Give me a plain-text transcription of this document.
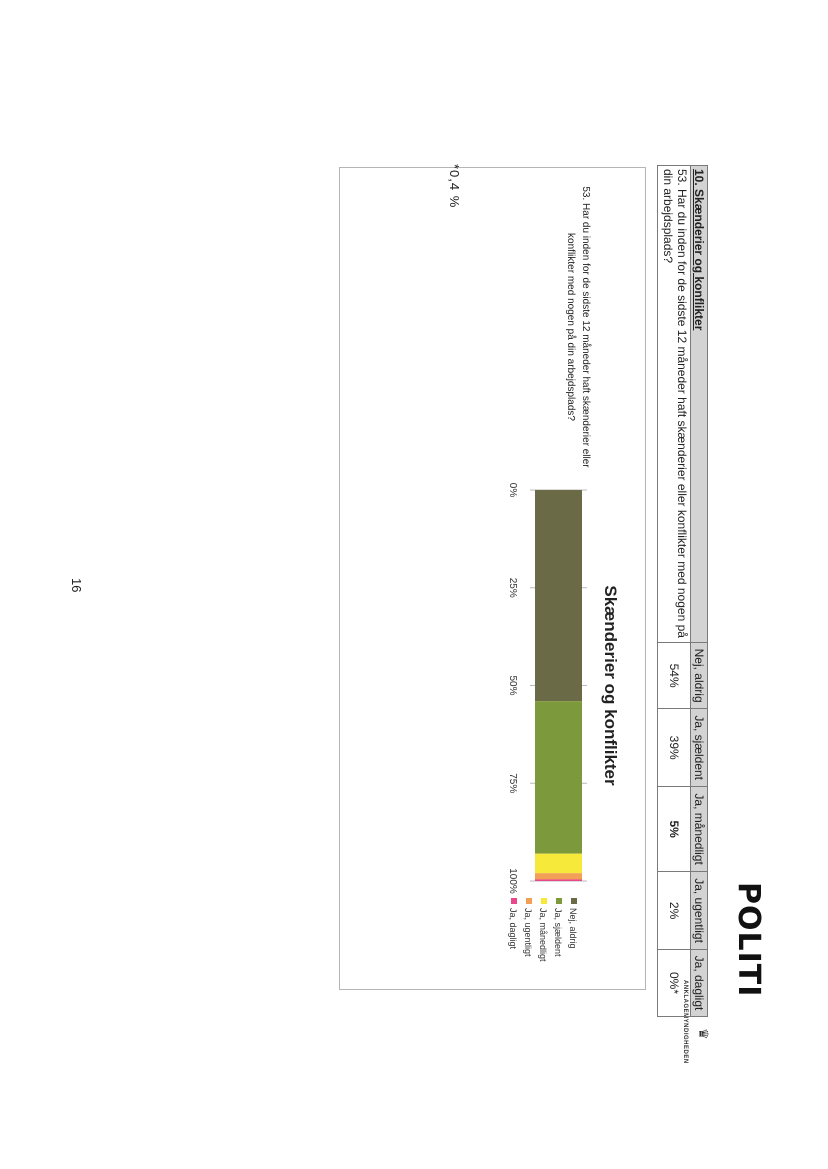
POLITI
♛
ANKLAGEMYNDIGHEDEN
10. Skænderier og konflikter	Nej, aldrig	Ja, sjældent	Ja, månedligt	Ja, ugentligt	Ja, dagligt
53. Har du inden for de sidste 12 måneder haft skænderier eller konflikter med nogen på din arbejdsplads?	54%	39%	5%	2%	0%*
53. Har du inden for de sidste 12 måneder haft skænderier eller konflikter med nogen på din arbejdsplads?
Skænderier og konflikter
0%
25%
50%
75%
100%
Nej, aldrig
Ja, sjældent
Ja, månedligt
Ja, ugentligt
Ja, dagligt
*0,4 %
16
